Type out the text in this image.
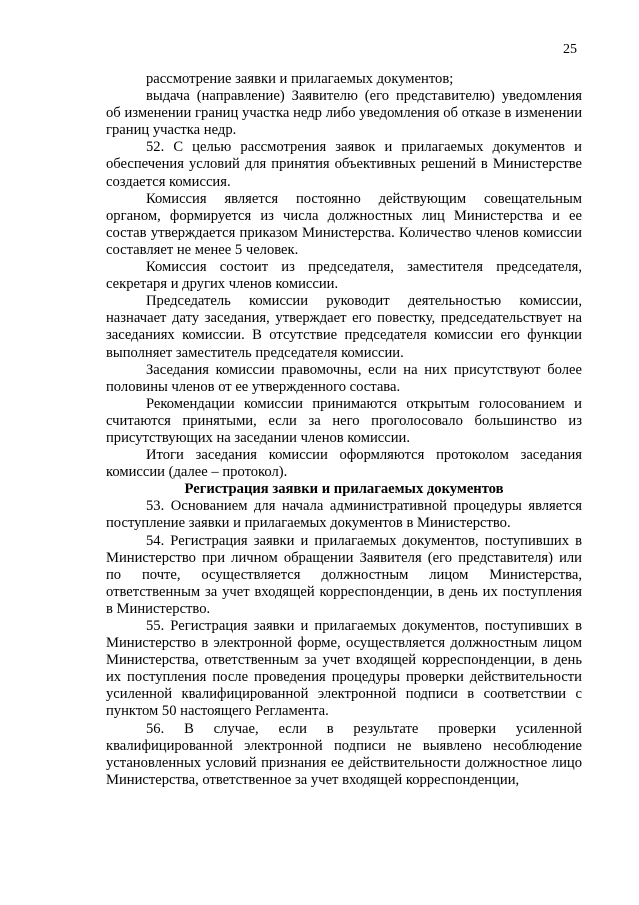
25

рассмотрение заявки и прилагаемых документов;

выдача (направление) Заявителю (его представителю) уведомления об изменении границ участка недр либо уведомления об отказе в изменении границ участка недр.

52. С целью рассмотрения заявок и прилагаемых документов и обеспечения условий для принятия объективных решений в Министерстве создается комиссия.

Комиссия является постоянно действующим совещательным органом, формируется из числа должностных лиц Министерства и ее состав утверждается приказом Министерства. Количество членов комиссии составляет не менее 5 человек.

Комиссия состоит из председателя, заместителя председателя, секретаря и других членов комиссии.

Председатель комиссии руководит деятельностью комиссии, назначает дату заседания, утверждает его повестку, председательствует на заседаниях комиссии. В отсутствие председателя комиссии его функции выполняет заместитель председателя комиссии.

Заседания комиссии правомочны, если на них присутствуют более половины членов от ее утвержденного состава.

Рекомендации комиссии принимаются открытым голосованием и считаются принятыми, если за него проголосовало большинство из присутствующих на заседании членов комиссии.

Итоги заседания комиссии оформляются протоколом заседания комиссии (далее – протокол).

Регистрация заявки и прилагаемых документов

53. Основанием для начала административной процедуры является поступление заявки и прилагаемых документов в Министерство.

54. Регистрация заявки и прилагаемых документов, поступивших в Министерство при личном обращении Заявителя (его представителя) или по почте, осуществляется должностным лицом Министерства, ответственным за учет входящей корреспонденции, в день их поступления в Министерство.

55. Регистрация заявки и прилагаемых документов, поступивших в Министерство в электронной форме, осуществляется должностным лицом Министерства, ответственным за учет входящей корреспонденции, в день их поступления после проведения процедуры проверки действительности усиленной квалифицированной электронной подписи в соответствии с пунктом 50 настоящего Регламента.

56. В случае, если в результате проверки усиленной квалифицированной электронной подписи не выявлено несоблюдение установленных условий признания ее действительности должностное лицо Министерства, ответственное за учет входящей корреспонденции,
